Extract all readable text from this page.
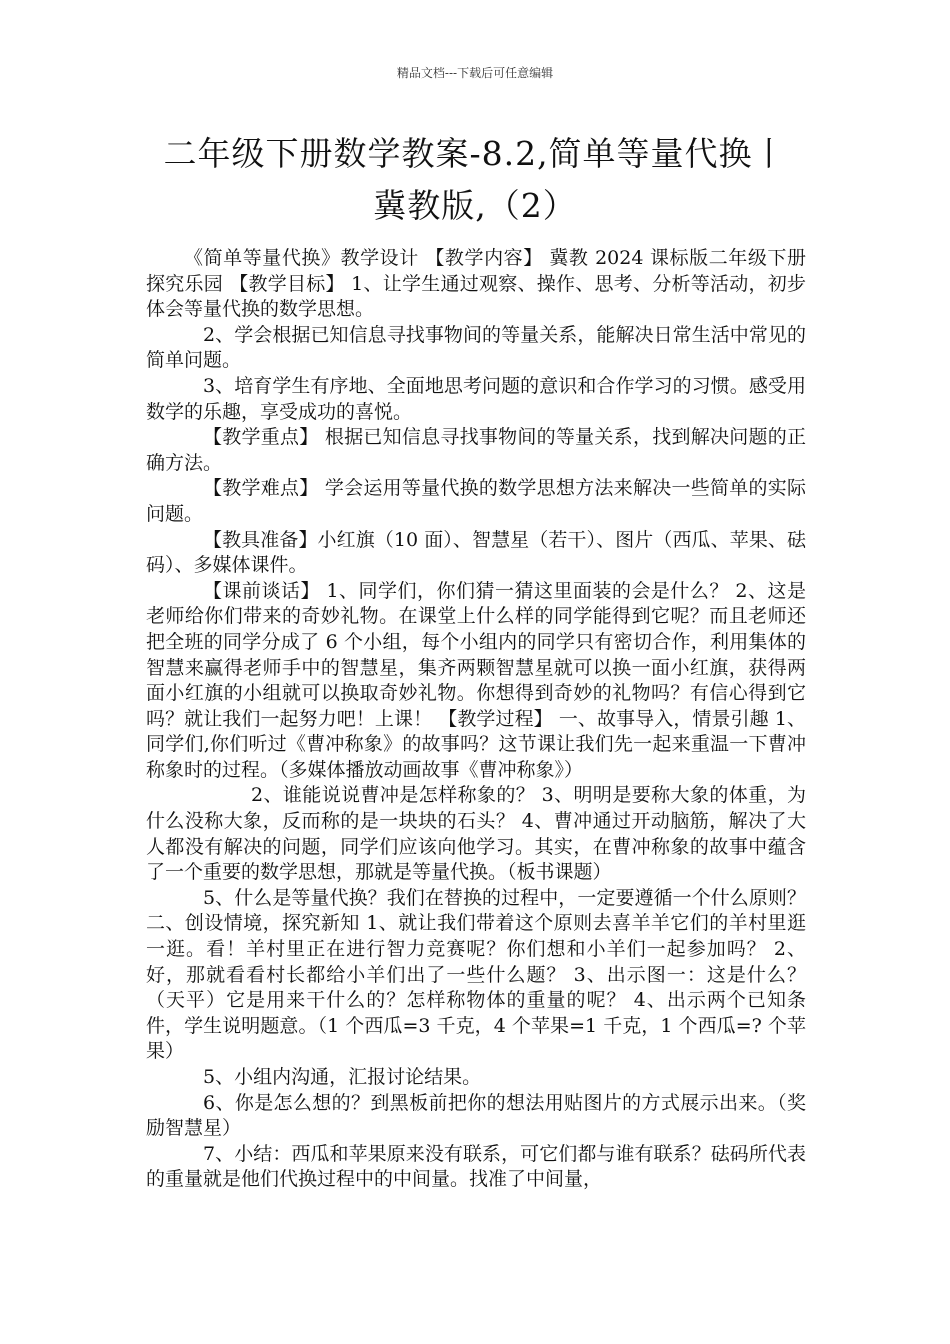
精品文档---下载后可任意编辑
二年级下册数学教案-8.2,简单等量代换丨
冀教版,（2）

《简单等量代换》教学设计 【教学内容】 冀教 2024 课标版二年级下册探究乐园 【教学目标】 1、让学生通过观察、操作、思考、分析等活动，初步体会等量代换的数学思想。

2、学会根据已知信息寻找事物间的等量关系，能解决日常生活中常见的简单问题。

3、培育学生有序地、全面地思考问题的意识和合作学习的习惯。感受用数学的乐趣，享受成功的喜悦。

【教学重点】 根据已知信息寻找事物间的等量关系，找到解决问题的正确方法。

【教学难点】 学会运用等量代换的数学思想方法来解决一些简单的实际问题。

【教具准备】小红旗（10 面）、智慧星（若干）、图片（西瓜、苹果、砝码）、多媒体课件。

【课前谈话】 1、同学们，你们猜一猜这里面装的会是什么？ 2、这是老师给你们带来的奇妙礼物。在课堂上什么样的同学能得到它呢？而且老师还把全班的同学分成了 6 个小组，每个小组内的同学只有密切合作，利用集体的智慧来赢得老师手中的智慧星，集齐两颗智慧星就可以换一面小红旗，获得两面小红旗的小组就可以换取奇妙礼物。你想得到奇妙的礼物吗？有信心得到它吗？就让我们一起努力吧！上课！ 【教学过程】 一、故事导入，情景引趣 1、同学们,你们听过《曹冲称象》的故事吗？这节课让我们先一起来重温一下曹冲称象时的过程。（多媒体播放动画故事《曹冲称象》）

2、谁能说说曹冲是怎样称象的？ 3、明明是要称大象的体重，为什么没称大象，反而称的是一块块的石头？ 4、曹冲通过开动脑筋，解决了大人都没有解决的问题，同学们应该向他学习。其实，在曹冲称象的故事中蕴含了一个重要的数学思想，那就是等量代换。（板书课题）

5、什么是等量代换？我们在替换的过程中，一定要遵循一个什么原则？ 二、创设情境，探究新知 1、就让我们带着这个原则去喜羊羊它们的羊村里逛一逛。看！羊村里正在进行智力竞赛呢？你们想和小羊们一起参加吗？ 2、好，那就看看村长都给小羊们出了一些什么题？ 3、出示图一：这是什么？（天平）它是用来干什么的？怎样称物体的重量的呢？ 4、出示两个已知条件，学生说明题意。（1 个西瓜=3 千克，4 个苹果=1 千克，1 个西瓜=? 个苹果）

5、小组内沟通，汇报讨论结果。

6、你是怎么想的？到黑板前把你的想法用贴图片的方式展示出来。（奖励智慧星）

7、小结：西瓜和苹果原来没有联系，可它们都与谁有联系？砝码所代表的重量就是他们代换过程中的中间量。找准了中间量，
